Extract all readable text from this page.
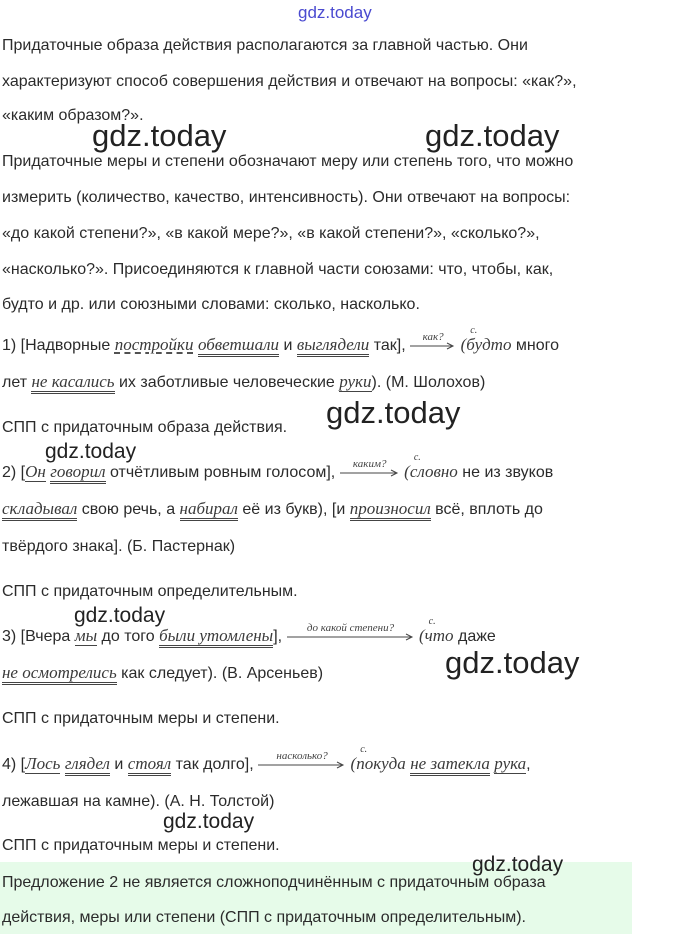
gdz.today
Придаточные образа действия располагаются за главной частью. Они
характеризуют способ совершения действия и отвечают на вопросы: «как?»,
«каким образом?».
Придаточные меры и степени обозначают меру или степень того, что можно
измерить (количество, качество, интенсивность). Они отвечают на вопросы:
«до какой степени?», «в какой мере?», «в какой степени?», «сколько?»,
«насколько?». Присоединяются к главной части союзами: что, чтобы, как,
будто и др. или союзными словами: сколько, насколько.
1) [Надворные постройки обветшали и выглядели так],
как? (с. будто много
лет не касались их заботливые человеческие руки). (М. Шолохов)
СПП с придаточным образа действия.
2) [Он говорил отчётливым ровным голосом],
каким?	(с. словно не из звуков
складывал свою речь, а набирал её из букв), [и произносил всё, вплоть до
твёрдого знака]. (Б. Пастернак)
СПП с придаточным определительным.
3) [Вчера мы до того были утомлены],
до какой степени?	(с. что даже
не осмотрелись как следует). (В. Арсеньев)
СПП с придаточным меры и степени.
4) [Лось глядел и стоял так долго],
насколько?	(с. покуда не затекла рука,
лежавшая на камне). (А. Н. Толстой)
СПП с придаточным меры и степени.
Предложение 2 не является сложноподчинённым с придаточным образа
действия, меры или степени (СПП с придаточным определительным).
gdz.today	gdz.today
gdz.today
gdz.today
gdz.today
gdz.today
gdz.today
gdz.today
